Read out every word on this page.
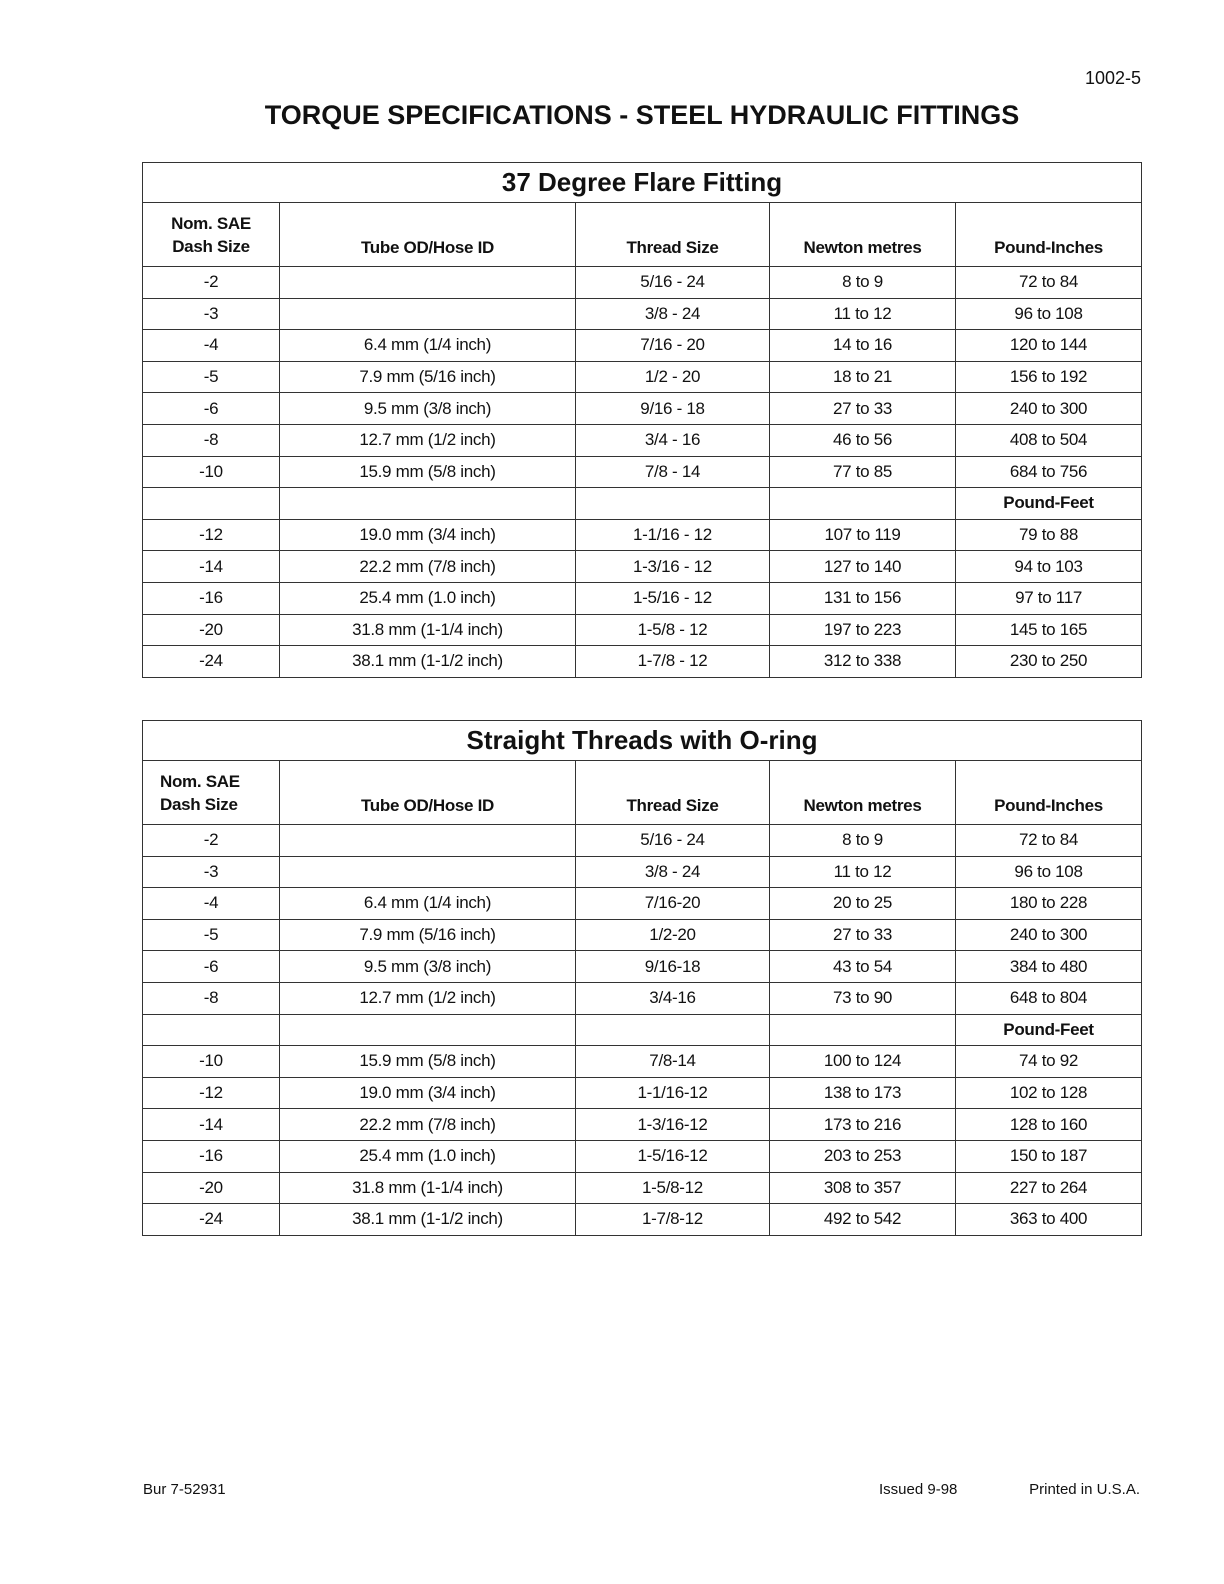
1002-5
TORQUE SPECIFICATIONS - STEEL HYDRAULIC FITTINGS
37 Degree Flare Fitting				

Nom. SAE
Dash Size	Tube OD/Hose ID	Thread Size	Newton metres	Pound-Inches
-2		5/16 - 24	8 to 9	72 to 84
-3		3/8 - 24	11 to 12	96 to 108
-4	6.4 mm (1/4 inch)	7/16 - 20	14 to 16	120 to 144
-5	7.9 mm (5/16 inch)	1/2 - 20	18 to 21	156 to 192
-6	9.5 mm (3/8 inch)	9/16 - 18	27 to 33	240 to 300
-8	12.7 mm (1/2 inch)	3/4 - 16	46 to 56	408 to 504
-10	15.9 mm (5/8 inch)	7/8 - 14	77 to 85	684 to 756
				Pound-Feet
-12	19.0 mm (3/4 inch)	1-1/16 - 12	107 to 119	79 to 88
-14	22.2 mm (7/8 inch)	1-3/16 - 12	127 to 140	94 to 103
-16	25.4 mm (1.0 inch)	1-5/16 - 12	131 to 156	97 to 117
-20	31.8 mm (1-1/4 inch)	1-5/8 - 12	197 to 223	145 to 165
-24	38.1 mm (1-1/2 inch)	1-7/8 - 12	312 to 338	230 to 250
Straight Threads with O-ring				

Nom. SAE
Dash Size	Tube OD/Hose ID	Thread Size	Newton metres	Pound-Inches
-2		5/16 - 24	8 to 9	72 to 84
-3		3/8 - 24	11 to 12	96 to 108
-4	6.4 mm (1/4 inch)	7/16-20	20 to 25	180 to 228
-5	7.9 mm (5/16 inch)	1/2-20	27 to 33	240 to 300
-6	9.5 mm (3/8 inch)	9/16-18	43 to 54	384 to 480
-8	12.7 mm (1/2 inch)	3/4-16	73 to 90	648 to 804
				Pound-Feet
-10	15.9 mm (5/8 inch)	7/8-14	100 to 124	74 to 92
-12	19.0 mm (3/4 inch)	1-1/16-12	138 to 173	102 to 128
-14	22.2 mm (7/8 inch)	1-3/16-12	173 to 216	128 to 160
-16	25.4 mm (1.0 inch)	1-5/16-12	203 to 253	150 to 187
-20	31.8 mm (1-1/4 inch)	1-5/8-12	308 to 357	227 to 264
-24	38.1 mm (1-1/2 inch)	1-7/8-12	492 to 542	363 to 400
Bur 7-52931	Issued 9-98	Printed in U.S.A.
